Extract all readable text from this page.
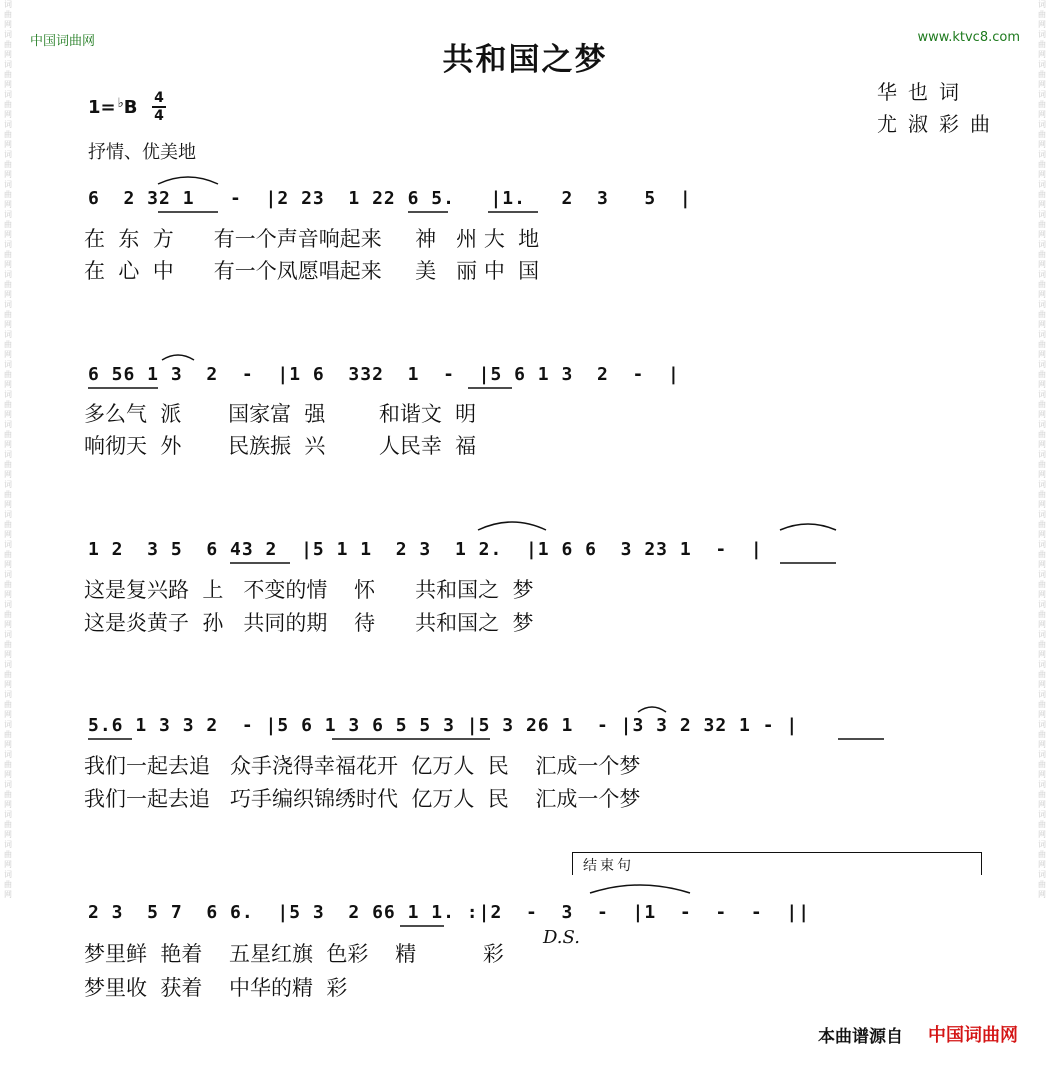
词曲网词曲网词曲网词曲网词曲网词曲网词曲网词曲网词曲网词曲网词曲网词曲网词曲网词曲网词曲网词曲网词曲网词曲网词曲网词曲网词曲网词曲网词曲网词曲网词曲网词曲网词曲网词曲网词曲网词曲网
词曲网词曲网词曲网词曲网词曲网词曲网词曲网词曲网词曲网词曲网词曲网词曲网词曲网词曲网词曲网词曲网词曲网词曲网词曲网词曲网词曲网词曲网词曲网词曲网词曲网词曲网词曲网词曲网词曲网词曲网
中国词曲网	www.ktvc8.com
共和国之梦
华也词
尤淑彩曲
1= ♭B 4
4
抒情、优美地
6  2 32 1   -  |2 23  1 22 6 5.   |1.   2  3   5  |
在  东  方      有一个声音响起来     神   州 大  地
在  心  中      有一个凤愿唱起来     美   丽 中  国
6 56 1 3  2  -  |1 6  332  1  -  |5 6 1 3  2  -  |
多么气  派       国家富  强        和谐文  明
响彻天  外       民族振  兴        人民幸  福
1 2  3 5  6 43 2  |5 1 1  2 3  1 2.  |1 6 6  3 23 1  -  |
这是复兴路  上   不变的情    怀      共和国之  梦
这是炎黄子  孙   共同的期    待      共和国之  梦
5.6 1 3 3 2  - |5 6 1 3 6 5 5 3 |5 3 26 1  - |3 3 2 32 1 - |
我们一起去追   众手浇得幸福花开  亿万人  民    汇成一个梦
我们一起去追   巧手编织锦绣时代  亿万人  民    汇成一个梦
结束句
2 3  5 7  6 6.  |5 3  2 66 1 1. :|2  -  3  -  |1  -  -  -  ||
D.S.
梦里鲜  艳着    五星红旗  色彩    精          彩
梦里收  获着    中华的精  彩
本曲谱源自 中国词曲网
